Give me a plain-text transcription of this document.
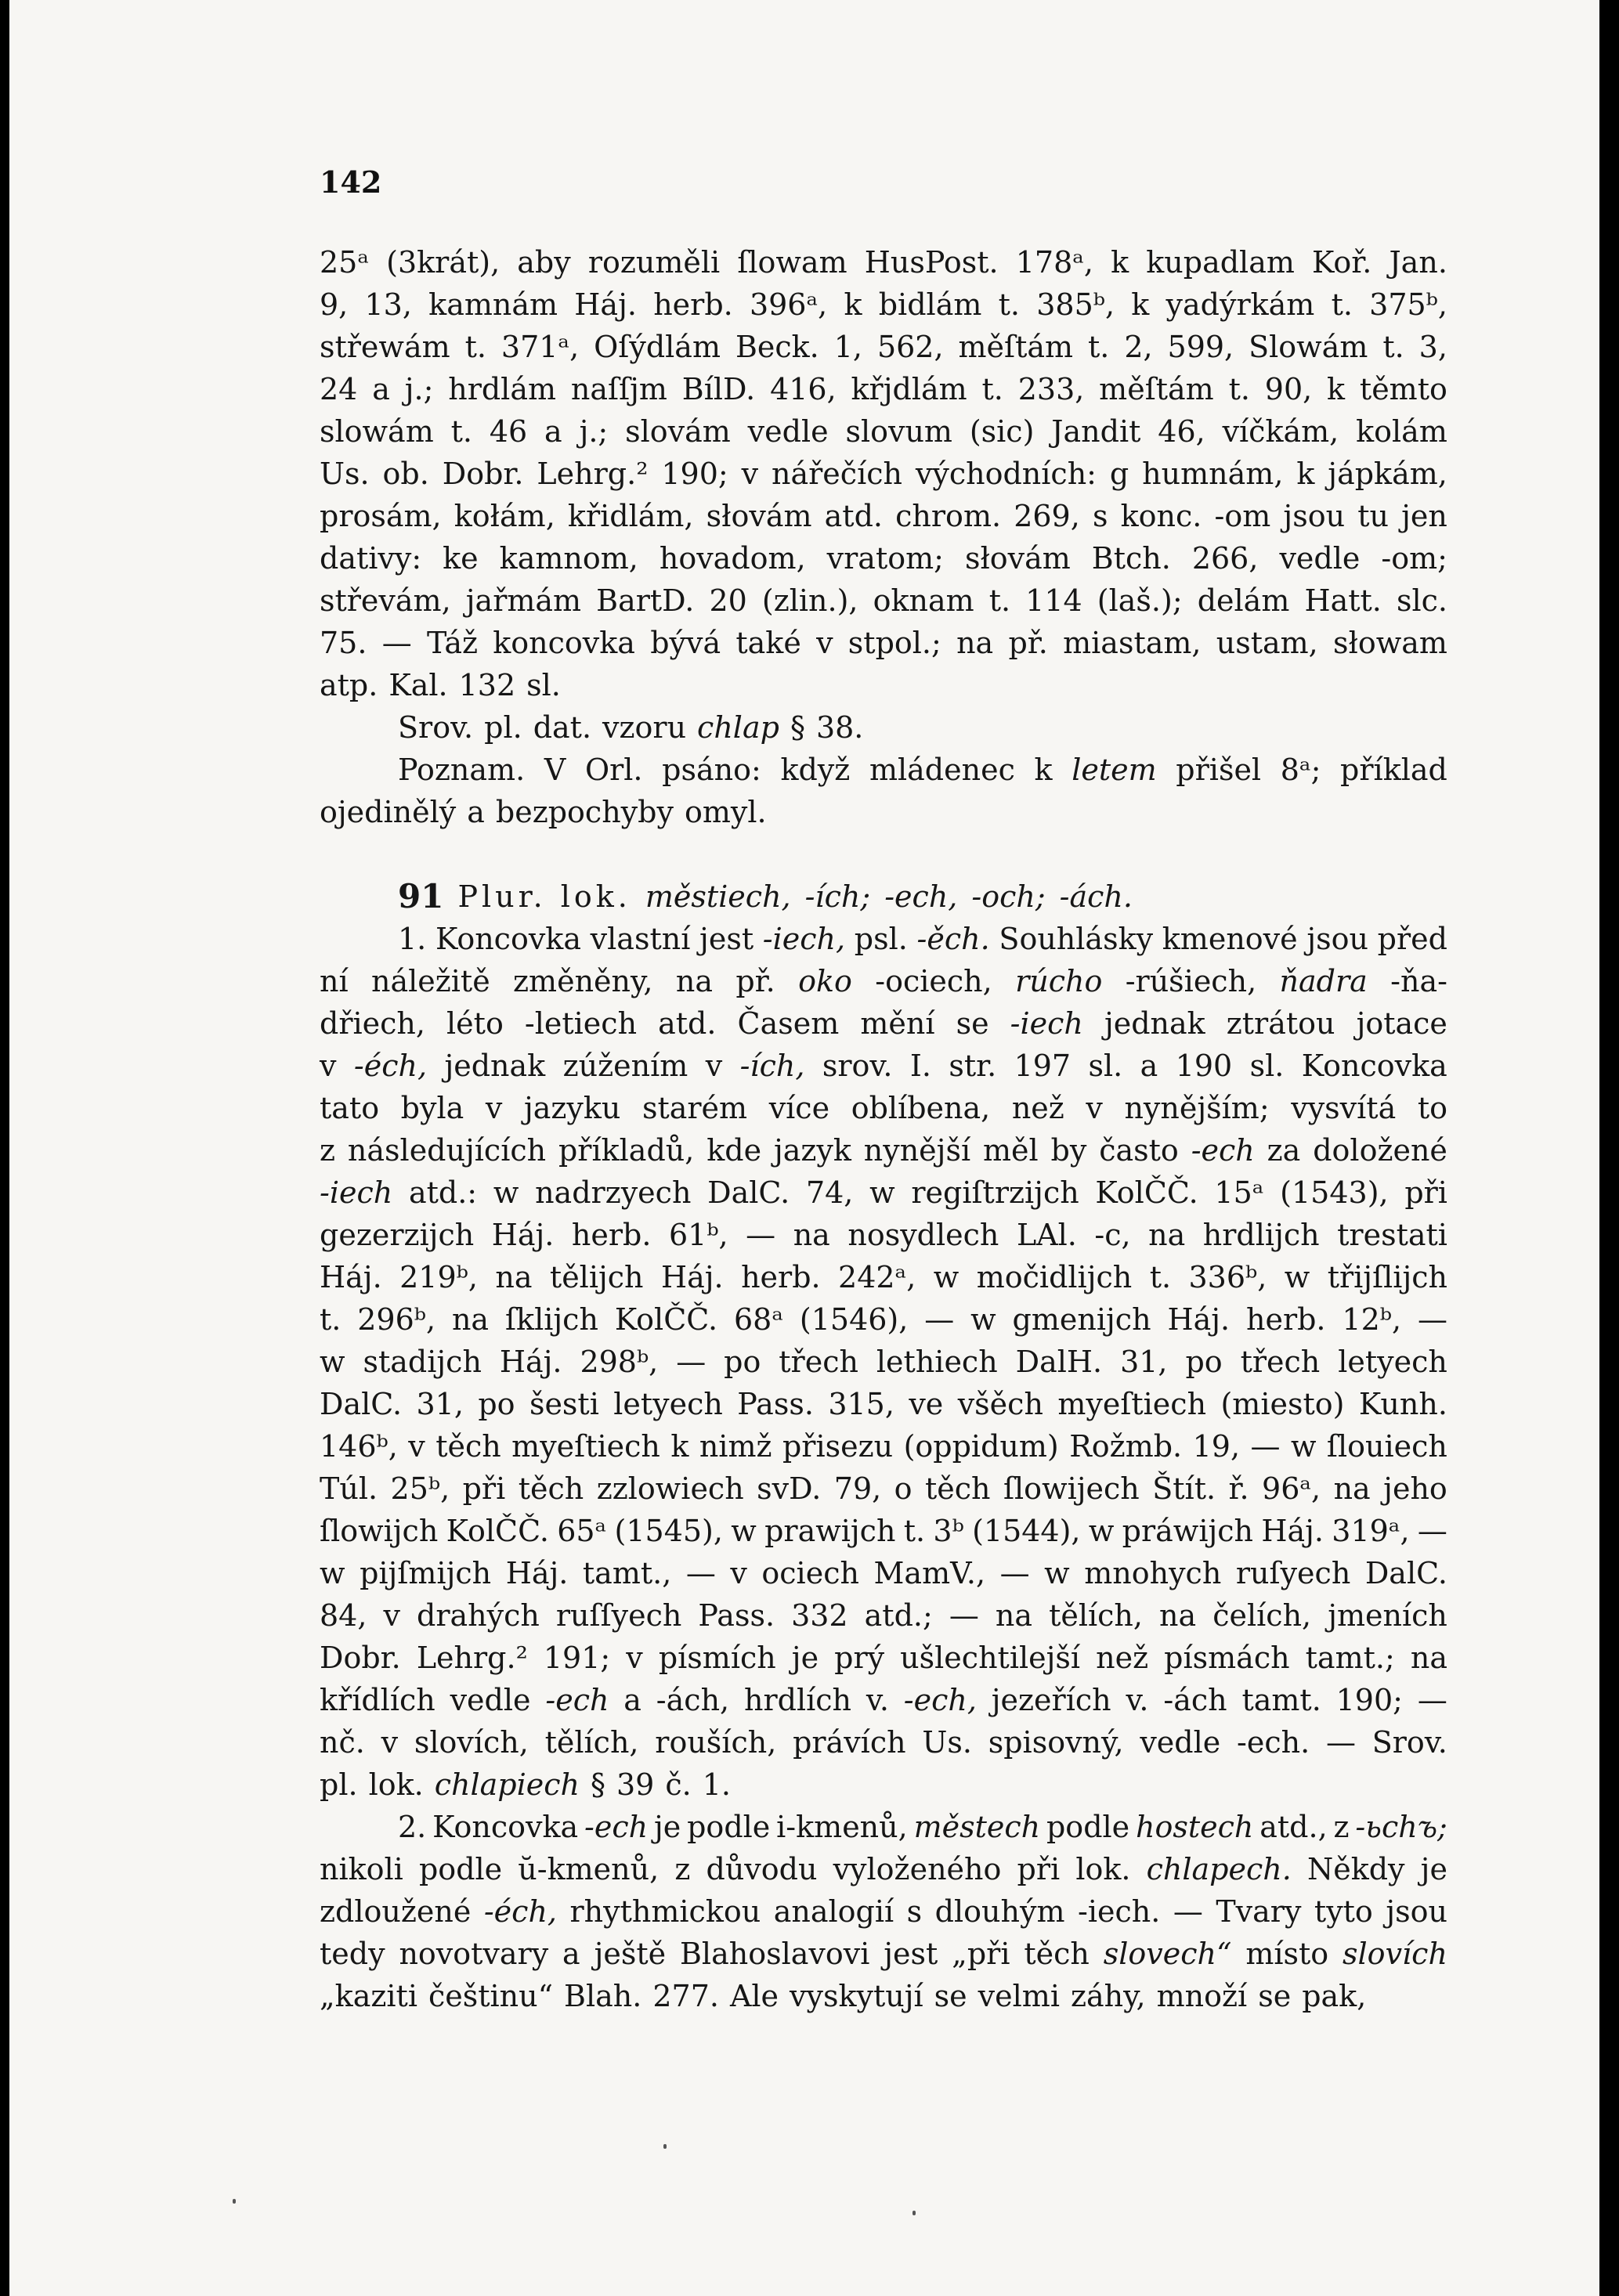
142
25ᵃ (3krát), aby rozuměli ſlowam HusPost. 178ᵃ, k kupadlam Koř. Jan.
9, 13, kamnám Háj. herb. 396ᵃ, k bidlám t. 385ᵇ, k yadýrkám t. 375ᵇ,
střewám t. 371ᵃ, Oſýdlám Beck. 1, 562, měſtám t. 2, 599, Slowám t. 3,
24 a j.; hrdlám naſſjm BílD. 416, křjdlám t. 233, měſtám t. 90, k těmto
slowám t. 46 a j.; slovám vedle slovum (sic) Jandit 46, víčkám, kolám
Us. ob. Dobr. Lehrg.² 190; v nářečích východních: g humnám, k jápkám,
prosám, kołám, křidlám, słovám atd. chrom. 269, s konc. -om jsou tu jen
dativy: ke kamnom, hovadom, vratom; słovám Btch. 266, vedle -om;
střevám, jařmám BartD. 20 (zlin.), oknam t. 114 (laš.); delám Hatt. slc.
75. — Táž koncovka bývá také v stpol.; na př. miastam, ustam, słowam
atp. Kal. 132 sl.
Srov. pl. dat. vzoru chlap § 38.
Poznam. V Orl. psáno: když mládenec k letem přišel 8ᵃ; příklad
ojedinělý a bezpochyby omyl.
91 Plur. lok. městiech, -ích; -ech, -och; -ách.
1. Koncovka vlastní jest -iech, psl. -ěch. Souhlásky kmenové jsou před
ní náležitě změněny, na př. oko -ociech, rúcho -rúšiech, ňadra -ňa-
dřiech, léto -letiech atd. Časem mění se -iech jednak ztrátou jotace
v -éch, jednak zúžením v -ích, srov. I. str. 197 sl. a 190 sl. Koncovka
tato byla v jazyku starém více oblíbena, než v nynějším; vysvítá to
z následujících příkladů, kde jazyk nynější měl by často -ech za doložené
-iech atd.: w nadrzyech DalC. 74, w regiſtrzijch KolČČ. 15ᵃ (1543), při
gezerzijch Háj. herb. 61ᵇ, — na nosydlech LAl. -c, na hrdlijch trestati
Háj. 219ᵇ, na tělijch Háj. herb. 242ᵃ, w močidlijch t. 336ᵇ, w třijſlijch
t. 296ᵇ, na ſklijch KolČČ. 68ᵃ (1546), — w gmenijch Háj. herb. 12ᵇ, —
w stadijch Háj. 298ᵇ, — po třech lethiech DalH. 31, po třech letyech
DalC. 31, po šesti letyech Pass. 315, ve všěch myeſtiech (miesto) Kunh.
146ᵇ, v těch myeſtiech k nimž přisezu (oppidum) Rožmb. 19, — w ſlouiech
Túl. 25ᵇ, při těch zzlowiech svD. 79, o těch ſlowijech Štít. ř. 96ᵃ, na jeho
ſlowijch KolČČ. 65ᵃ (1545), w prawijch t. 3ᵇ (1544), w práwijch Háj. 319ᵃ, —
w pijſmijch Háj. tamt., — v ociech MamV., — w mnohych ruſyech DalC.
84, v drahých ruſſyech Pass. 332 atd.; — na tělích, na čelích, jmeních
Dobr. Lehrg.² 191; v písmích je prý ušlechtilejší než písmách tamt.; na
křídlích vedle -ech a -ách, hrdlích v. -ech, jezeřích v. -ách tamt. 190; —
nč. v slovích, tělích, rouších, právích Us. spisovný, vedle -ech. — Srov.
pl. lok. chlapiech § 39 č. 1.
2. Koncovka -ech je podle i-kmenů, městech podle hostech atd., z -ьchъ;
nikoli podle ŭ-kmenů, z důvodu vyloženého při lok. chlapech. Někdy je
zdloužené -éch, rhythmickou analogií s dlouhým -iech. — Tvary tyto jsou
tedy novotvary a ještě Blahoslavovi jest „při těch slovech“ místo slovích
„kaziti češtinu“ Blah. 277. Ale vyskytují se velmi záhy, množí se pak,
